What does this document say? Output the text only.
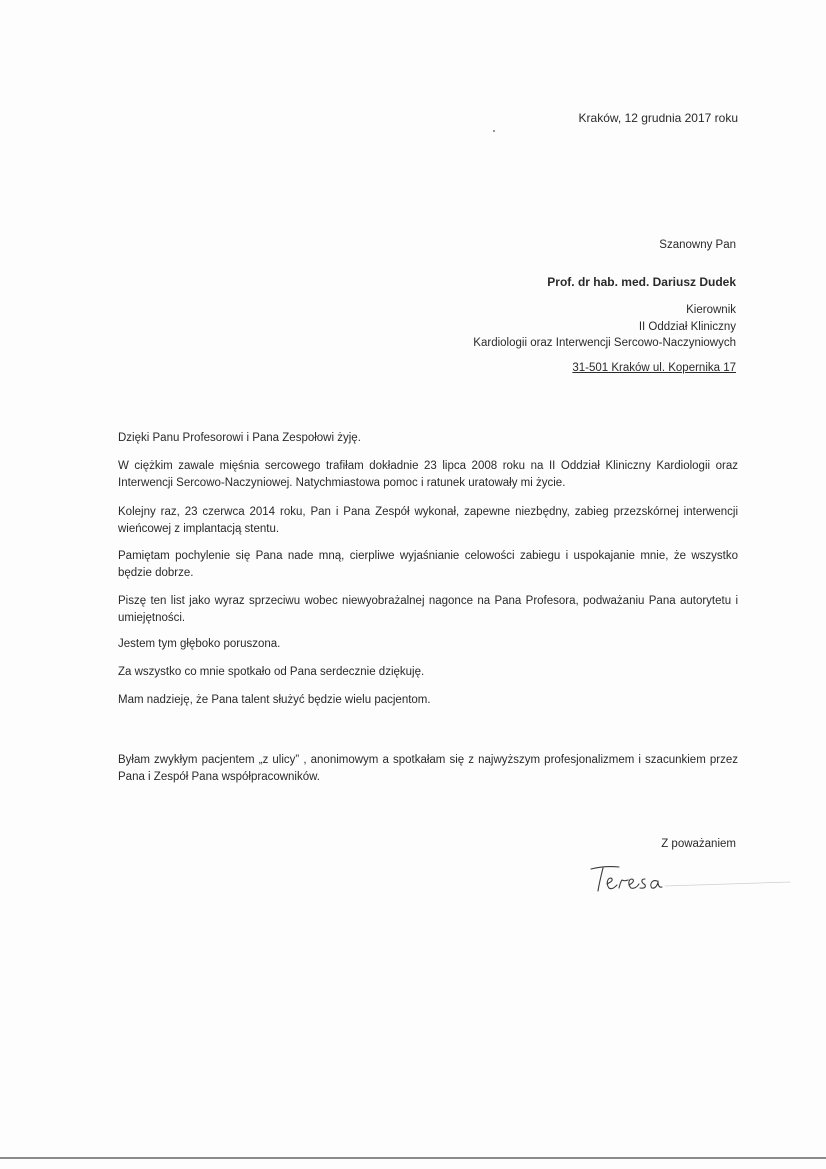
Kraków, 12 grudnia 2017 roku
Szanowny Pan
Prof. dr hab. med. Dariusz Dudek
Kierownik
II Oddział Kliniczny
Kardiologii oraz Interwencji Sercowo-Naczyniowych
31-501 Kraków ul. Kopernika 17

Dzięki Panu Profesorowi i Pana Zespołowi żyję.

W ciężkim zawale mięśnia sercowego trafiłam dokładnie 23 lipca 2008 roku na II Oddział Kliniczny Kardiologii oraz Interwencji Sercowo-Naczyniowej. Natychmiastowa pomoc i ratunek uratowały mi życie.

Kolejny raz, 23 czerwca 2014 roku, Pan i Pana Zespół wykonał, zapewne niezbędny, zabieg przezskórnej interwencji wieńcowej z implantacją stentu.

Pamiętam pochylenie się Pana nade mną, cierpliwe wyjaśnianie celowości zabiegu i uspokajanie mnie, że wszystko będzie dobrze.

Piszę ten list jako wyraz sprzeciwu wobec niewyobrażalnej nagonce na Pana Profesora, podważaniu Pana autorytetu i umiejętności.

Jestem tym głęboko poruszona.

Za wszystko co mnie spotkało od Pana serdecznie dziękuję.

Mam nadzieję, że Pana talent służyć będzie wielu pacjentom.

Byłam zwykłym pacjentem „z ulicy” , anonimowym a spotkałam się z najwyższym profesjonalizmem i szacunkiem przez Pana i Zespół Pana współpracowników.

Z poważaniem
